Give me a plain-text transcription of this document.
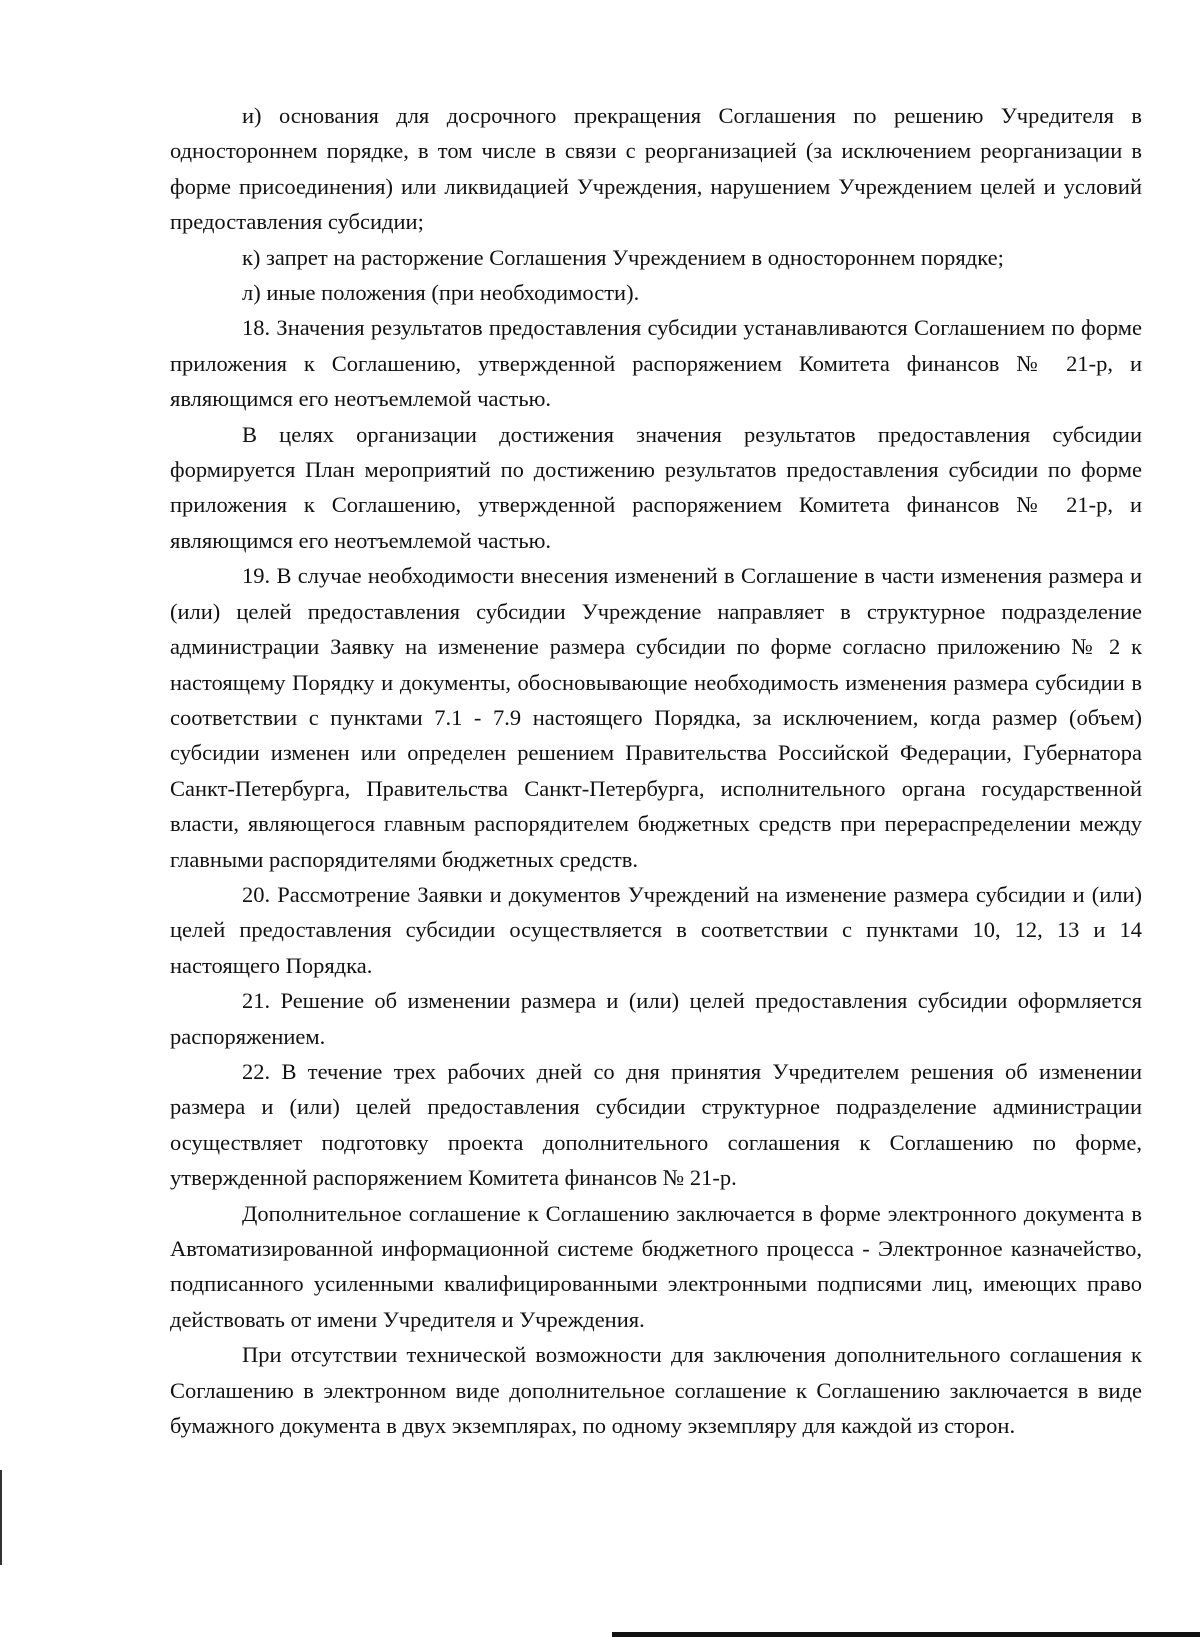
и) основания для досрочного прекращения Соглашения по решению Учредителя в одностороннем порядке, в том числе в связи с реорганизацией (за исключением реорганизации в форме присоединения) или ликвидацией Учреждения, нарушением Учреждением целей и условий предоставления субсидии;

к) запрет на расторжение Соглашения Учреждением в одностороннем порядке;

л) иные положения (при необходимости).

18. Значения результатов предоставления субсидии устанавливаются Соглашением по форме приложения к Соглашению, утвержденной распоряжением Комитета финансов № 21-р, и являющимся его неотъемлемой частью.

В целях организации достижения значения результатов предоставления субсидии формируется План мероприятий по достижению результатов предоставления субсидии по форме приложения к Соглашению, утвержденной распоряжением Комитета финансов № 21-р, и являющимся его неотъемлемой частью.

19. В случае необходимости внесения изменений в Соглашение в части изменения размера и (или) целей предоставления субсидии Учреждение направляет в структурное подразделение администрации Заявку на изменение размера субсидии по форме согласно приложению № 2 к настоящему Порядку и документы, обосновывающие необходимость изменения размера субсидии в соответствии с пунктами 7.1 - 7.9 настоящего Порядка, за исключением, когда размер (объем) субсидии изменен или определен решением Правительства Российской Федерации, Губернатора Санкт-Петербурга, Правительства Санкт-Петербурга, исполнительного органа государственной власти, являющегося главным распорядителем бюджетных средств при перераспределении между главными распорядителями бюджетных средств.

20. Рассмотрение Заявки и документов Учреждений на изменение размера субсидии и (или) целей предоставления субсидии осуществляется в соответствии с пунктами 10, 12, 13 и 14 настоящего Порядка.

21. Решение об изменении размера и (или) целей предоставления субсидии оформляется распоряжением.

22. В течение трех рабочих дней со дня принятия Учредителем решения об изменении размера и (или) целей предоставления субсидии структурное подразделение администрации осуществляет подготовку проекта дополнительного соглашения к Соглашению по форме, утвержденной распоряжением Комитета финансов № 21-р.

Дополнительное соглашение к Соглашению заключается в форме электронного документа в Автоматизированной информационной системе бюджетного процесса - Электронное казначейство, подписанного усиленными квалифицированными электронными подписями лиц, имеющих право действовать от имени Учредителя и Учреждения.

При отсутствии технической возможности для заключения дополнительного соглашения к Соглашению в электронном виде дополнительное соглашение к Соглашению заключается в виде бумажного документа в двух экземплярах, по одному экземпляру для каждой из сторон.
